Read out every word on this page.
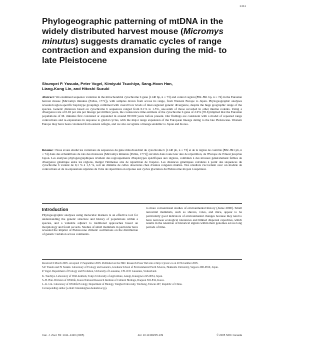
1411
Phylogeographic patterning of mtDNA in the widely distributed harvest mouse (Micromys minutus) suggests dramatic cycles of range contraction and expansion during the mid- to late Pleistocene
Shumpei P. Yasuda, Peter Vogel, Kimiyuki Tsuchiya, Sang-Hoon Han,
Liang-Kong Lin, and Hitoshi Suzuki

Abstract: We examined sequence variation in the mitochondrial cytochrome b gene (1140 bp, n = 73) and control region (882–891 bp, n = 74) in the Eurasian harvest mouse (Micromys minutus (Pallas, 1771)), with samples drawn from across its range, from Western Europe to Japan. Phylogeographic analyses revealed region-specific haplotype groupings combined with overall low levels of inter-regional genetic divergence, despite the huge geographic range of the species. Genetic distances based on cytochrome b sequences ranged from 0.1% to 1.5%, one-tenth of those recorded in other murine rodents. Using a divergence rate of 0.02 per site per lineage per million years, the coalescence time estimate of the cytochrome b gene of 2.9% (±0.6) implied that the Eurasian populations of M. minutus first colonized or expanded in around 80 000 years before present. Our findings are consistent with a model of repeated range contractions and re-expansions in response to glacial cycles, with the major range expansion of the European lineage dating to the late Pleistocene. Western Europe may have been colonized from eastern refugia, and we also recognize a lineage endemic to Japan and Korea.

Résumé : Nous avons étudié les variations de séquences du gène mitochondrial du cytochrome b (1140 pb, n = 73) et de la région de contrôle (882–891 pb, n = 74) dans des échantillons de rats des moissons (Micromys minutus (Pallas, 1771)) récoltés dans toute leur aire de répartition, de l'Europe de l'Ouest jusqu'au Japon. Les analyses phylogéographiques révèlent des regroupements d'haplotypes spécifiques aux régions, combinés à des niveaux généralement faibles de divergence génétique entre les régions, malgré l'immense aire de répartition de l'espèce. Les distances génétiques calculées à partir des séquences du cytochrome b varient de 0,1 % à 1,5 %, soit un dixième de celles observées chez d'autres rongeurs murins. Nos résultats s'accordent avec un modèle de contractions et de ré-expansions répétées de l'aire de répartition en réponse aux cycles glaciaires du Pléistocène moyen à supérieur.

Introduction

Phylogeographic analyses using molecular markers is an effective tool for understanding the genetic structure and history of populations within a species, and a valuable adjunct to traditional approaches based on morphology and fossil records. Studies of small mammals in particular have revealed the imprint of Pleistocene climatic oscillations on the distribution of genetic variation across continents.

to more conventional studies of environmental history (Avise 2000). Small terrestrial mammals, such as shrews, voles, and mice, appear to be particularly good indicators of environmental changes because they tend to have narrower ecological tolerances and limited dispersal capacities, which results in the retention of historical signals within their genomes across long periods of time.

Received 6 March 2005. Accepted 13 September 2005. Published on the NRC Research Press Web site at http://cjz.nrc.ca on 20 November 2005.

S.P. Yasuda and H. Suzuki. Laboratory of Ecology and Genetics, Graduate School of Environmental Earth Science, Hokkaido University, Sapporo 060-0810, Japan.

P. Vogel. Department of Ecology and Evolution, University of Lausanne, CH-1015 Lausanne, Switzerland.

K. Tsuchiya. Laboratory of Wild Animals, Tokyo University of Agriculture, Atsugi, Kanagawa 243-0034, Japan.

S.-H. Han. Division of Wildlife, Korea National Research Institute of Cultural Heritage, Daejeon 302-834, Korea.

L.-K. Lin. Laboratory of Wildlife Ecology, Department of Biology, Tunghai University, Taichung, Taiwan 407, Republic of China.

Corresponding author (e-mail: htsuzuki@ees.hokudai.ac.jp).

Can. J. Zool. 83: 1411–1420 (2005)	doi: 10.1139/Z05-139	© 2005 NRC Canada
